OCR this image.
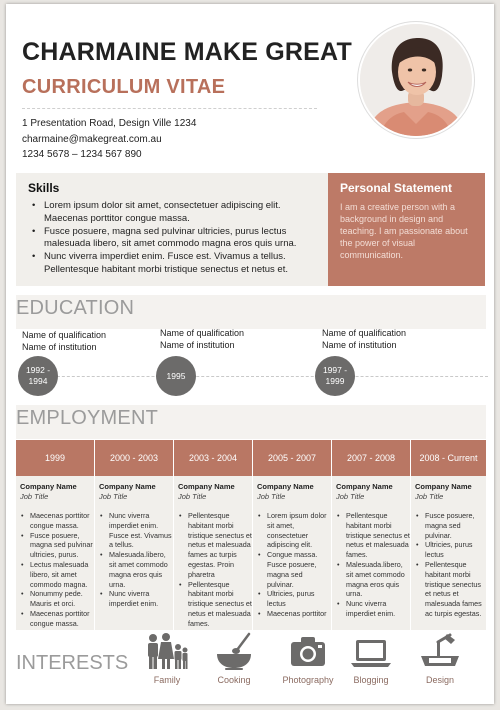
CHARMAINE MAKE GREAT
CURRICULUM VITAE
1 Presentation Road, Design Ville 1234
charmaine@makegreat.com.au
1234 5678 – 1234 567 890
Skills
• Lorem ipsum dolor sit amet, consectetuer adipiscing elit. Maecenas porttitor congue massa.
• Fusce posuere, magna sed pulvinar ultricies, purus lectus malesuada libero, sit amet commodo magna eros quis urna.
• Nunc viverra imperdiet enim. Fusce est. Vivamus a tellus. Pellentesque habitant morbi tristique senectus et netus et.
Personal Statement
I am a creative person with a background in design and teaching. I am passionate about the power of visual communication.
EDUCATION
Name of qualification
Name of institution
Name of qualification
Name of institution
Name of qualification
Name of institution
1992 -
1994
1995
1997 -
1999
EMPLOYMENT
1999
Company Name
Job Title
• Maecenas porttitor congue massa.
• Fusce posuere, magna sed pulvinar ultricies, purus.
• Lectus malesuada libero, sit amet commodo magna.
• Nonummy pede. Mauris et orci.
• Maecenas porttitor congue massa.
2000 - 2003
Company Name
Job Title
• Nunc viverra imperdiet enim. Fusce est. Vivamus a tellus.
• Malesuada.libero, sit amet commodo magna eros quis urna.
• Nunc viverra imperdiet enim.
2003 - 2004
Company Name
Job Title
• Pellentesque habitant morbi tristique senectus et netus et malesuada fames ac turpis egestas. Proin pharetra
• Pellentesque habitant morbi tristique senectus et netus et malesuada fames.
2005 - 2007
Company Name
Job Title
• Lorem ipsum dolor sit amet, consectetuer adipiscing elit.
• Congue massa. Fusce posuere, magna sed pulvinar.
• Ultricies, purus lectus
• Maecenas porttitor
2007 - 2008
Company Name
Job Title
• Pellentesque habitant morbi tristique senectus et netus et malesuada fames.
• Malesuada.libero, sit amet commodo magna eros quis urna.
• Nunc viverra imperdiet enim.
2008 - Current
Company Name
Job Title
• Fusce posuere, magna sed pulvinar.
• Ultricies, purus lectus
• Pellentesque habitant morbi tristique senectus et netus et malesuada fames ac turpis egestas.
INTERESTS
Family	Cooking	Photography	Blogging	Design
